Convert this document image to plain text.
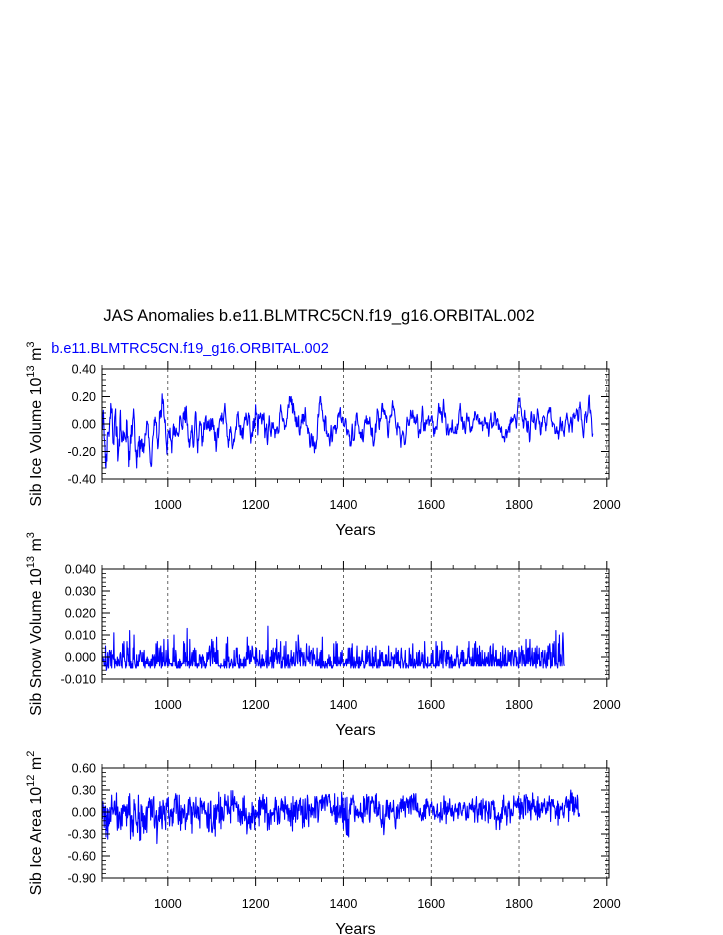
JAS Anomalies b.e11.BLMTRC5CN.f19_g16.ORBITAL.002
b.e11.BLMTRC5CN.f19_g16.ORBITAL.002
1000	1200	1400	1600	1800	2000
-0.40
-0.20
0.00
0.20
0.40
Years
Sib Ice Volume $10^{13}$ $m^3$
1000	1200	1400	1600	1800	2000
-0.010
0.000
0.010
0.020
0.030
0.040
Years
Sib Snow Volume $10^{13}$ $m^3$
1000	1200	1400	1600	1800	2000
-0.90
-0.60
-0.30
0.00
0.30
0.60
Years
Sib Ice Area $10^{12}$ $m^2$
